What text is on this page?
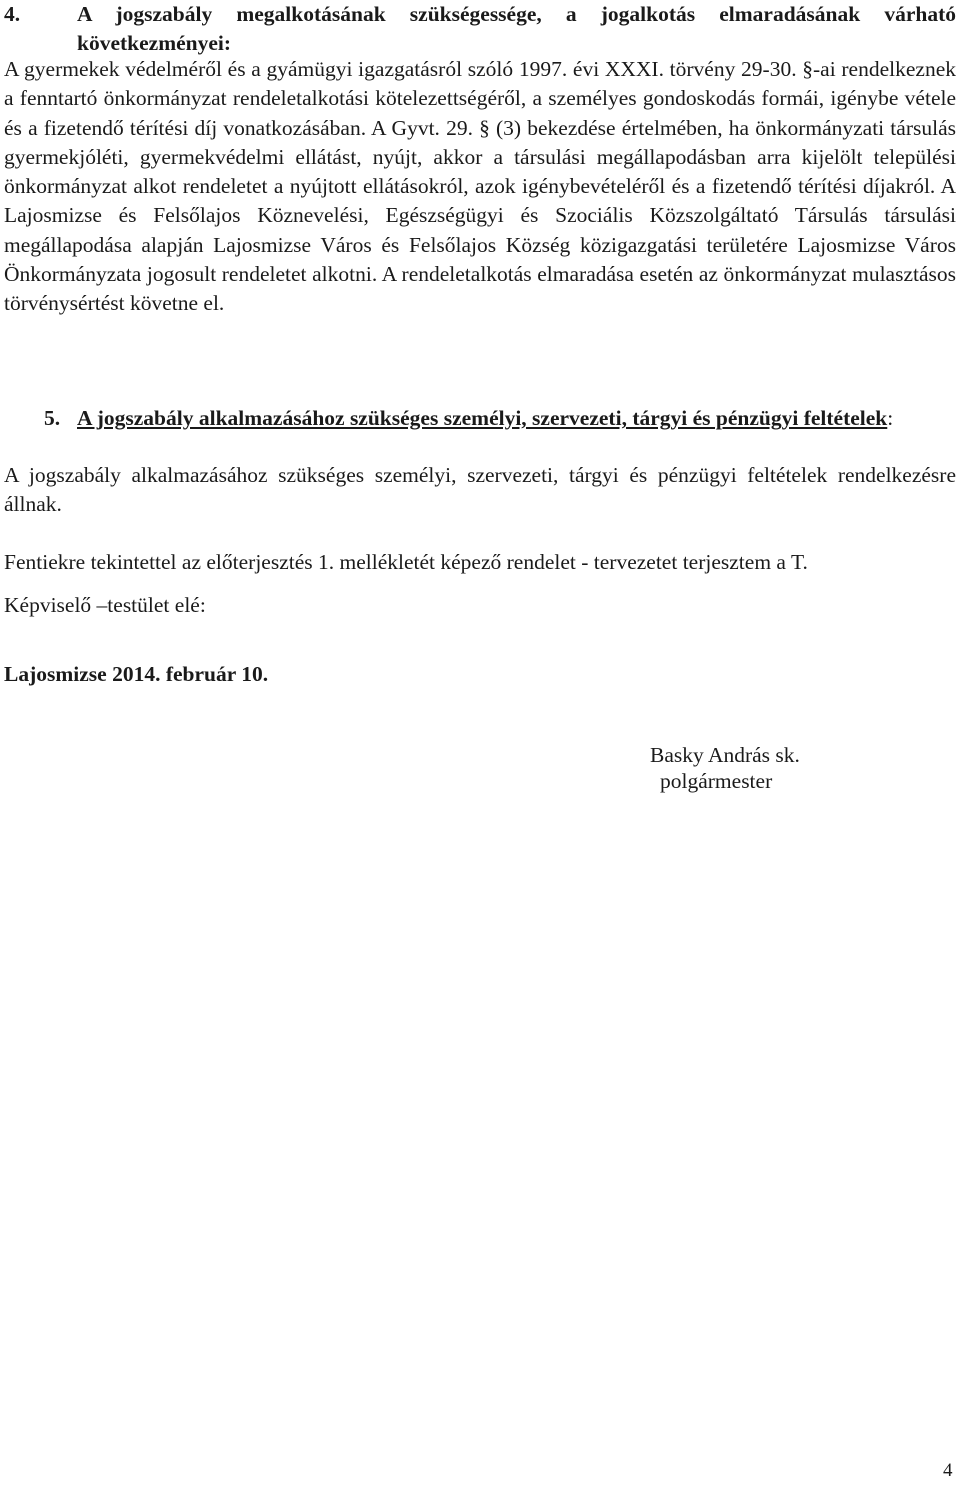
4.	A jogszabály megalkotásának szükségessége, a jogalkotás elmaradásának várható következményei:

A gyermekek védelméről és a gyámügyi igazgatásról szóló 1997. évi XXXI. törvény 29-30. §-ai rendelkeznek a fenntartó önkormányzat rendeletalkotási kötelezettségéről, a személyes gondoskodás formái, igénybe vétele és a fizetendő térítési díj vonatkozásában. A Gyvt. 29. § (3) bekezdése értelmében, ha önkormányzati társulás gyermekjóléti, gyermekvédelmi ellátást, nyújt, akkor a társulási megállapodásban arra kijelölt települési önkormányzat alkot rendeletet a nyújtott ellátásokról, azok igénybevételéről és a fizetendő térítési díjakról. A Lajosmizse és Felsőlajos Köznevelési, Egészségügyi és Szociális Közszolgáltató Társulás társulási megállapodása alapján Lajosmizse Város és Felsőlajos Község közigazgatási területére Lajosmizse Város Önkormányzata jogosult rendeletet alkotni. A rendeletalkotás elmaradása esetén az önkormányzat mulasztásos törvénysértést követne el.

5. A jogszabály alkalmazásához szükséges személyi, szervezeti, tárgyi és pénzügyi feltételek:

A jogszabály alkalmazásához szükséges személyi, szervezeti, tárgyi és pénzügyi feltételek rendelkezésre állnak.

Fentiekre tekintettel az előterjesztés 1. mellékletét képező rendelet - tervezetet terjesztem a T.

Képviselő –testület elé:

Lajosmizse 2014. február 10.

Basky András sk.

polgármester

4
